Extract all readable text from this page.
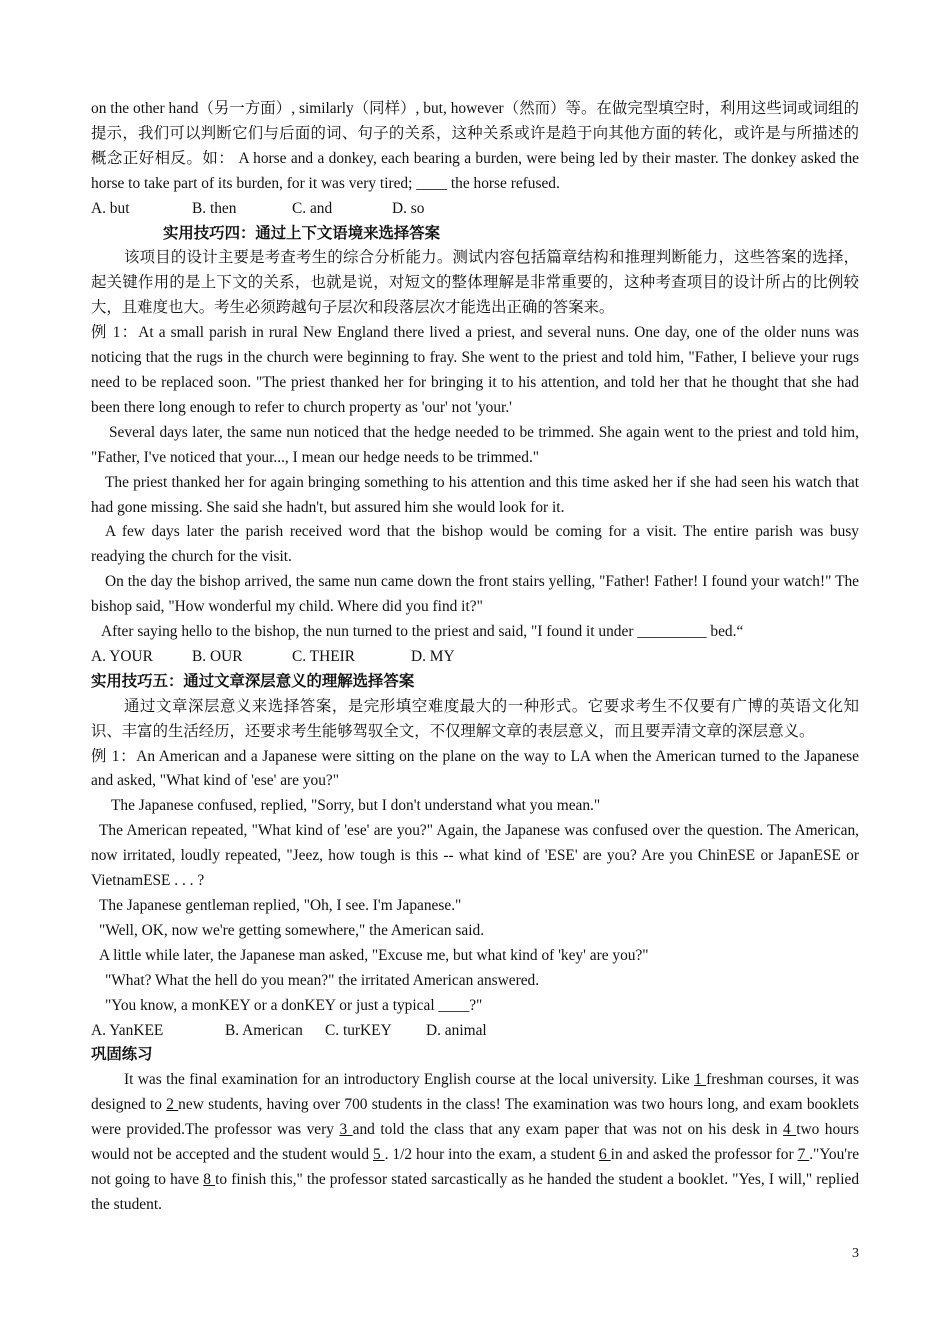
on the other hand（另一方面）, similarly（同样）, but, however（然而）等。在做完型填空时，利用这些词或词组的提示，我们可以判断它们与后面的词、句子的关系，这种关系或许是趋于向其他方面的转化，或许是与所描述的概念正好相反。如： A horse and a donkey, each bearing a burden, were being led by their master. The donkey asked the horse to take part of its burden, for it was very tired; ____ the horse refused.

A. but	B. then	C. and	D. so

实用技巧四：通过上下文语境来选择答案

该项目的设计主要是考查考生的综合分析能力。测试内容包括篇章结构和推理判断能力，这些答案的选择，起关键作用的是上下文的关系，也就是说，对短文的整体理解是非常重要的，这种考查项目的设计所占的比例较大，且难度也大。考生必须跨越句子层次和段落层次才能选出正确的答案来。

例 1：At a small parish in rural New England there lived a priest, and several nuns. One day, one of the older nuns was noticing that the rugs in the church were beginning to fray. She went to the priest and told him, "Father, I believe your rugs need to be replaced soon. "The priest thanked her for bringing it to his attention, and told her that he thought that she had been there long enough to refer to church property as 'our' not 'your.'

Several days later, the same nun noticed that the hedge needed to be trimmed. She again went to the priest and told him, "Father, I've noticed that your..., I mean our hedge needs to be trimmed."

The priest thanked her for again bringing something to his attention and this time asked her if she had seen his watch that had gone missing. She said she hadn't, but assured him she would look for it.

A few days later the parish received word that the bishop would be coming for a visit. The entire parish was busy readying the church for the visit.

On the day the bishop arrived, the same nun came down the front stairs yelling, "Father! Father! I found your watch!" The bishop said, "How wonderful my child. Where did you find it?"

After saying hello to the bishop, the nun turned to the priest and said, "I found it under _________ bed.“

A. YOUR	B. OUR	C. THEIR	D. MY

实用技巧五：通过文章深层意义的理解选择答案

通过文章深层意义来选择答案，是完形填空难度最大的一种形式。它要求考生不仅要有广博的英语文化知识、丰富的生活经历，还要求考生能够驾驭全文，不仅理解文章的表层意义，而且要弄清文章的深层意义。

例 1：An American and a Japanese were sitting on the plane on the way to LA when the American turned to the Japanese and asked, "What kind of 'ese' are you?"

The Japanese confused, replied, "Sorry, but I don't understand what you mean."

The American repeated, "What kind of 'ese' are you?" Again, the Japanese was confused over the question. The American, now irritated, loudly repeated, "Jeez, how tough is this -- what kind of 'ESE' are you? Are you ChinESE or JapanESE or VietnamESE . . . ?

The Japanese gentleman replied, "Oh, I see. I'm Japanese."

"Well, OK, now we're getting somewhere," the American said.

A little while later, the Japanese man asked, "Excuse me, but what kind of 'key' are you?"

"What? What the hell do you mean?" the irritated American answered.

"You know, a monKEY or a donKEY or just a typical ____?"

A. YanKEE	B. American	C. turKEY	D. animal

巩固练习

It was the final examination for an introductory English course at the local university. Like 1 freshman courses, it was designed to 2 new students, having over 700 students in the class! The examination was two hours long, and exam booklets were provided.The professor was very 3 and told the class that any exam paper that was not on his desk in 4 two hours would not be accepted and the student would 5 . 1/2 hour into the exam, a student 6 in and asked the professor for 7 ."You're not going to have 8 to finish this," the professor stated sarcastically as he handed the student a booklet. "Yes, I will," replied the student.

3
